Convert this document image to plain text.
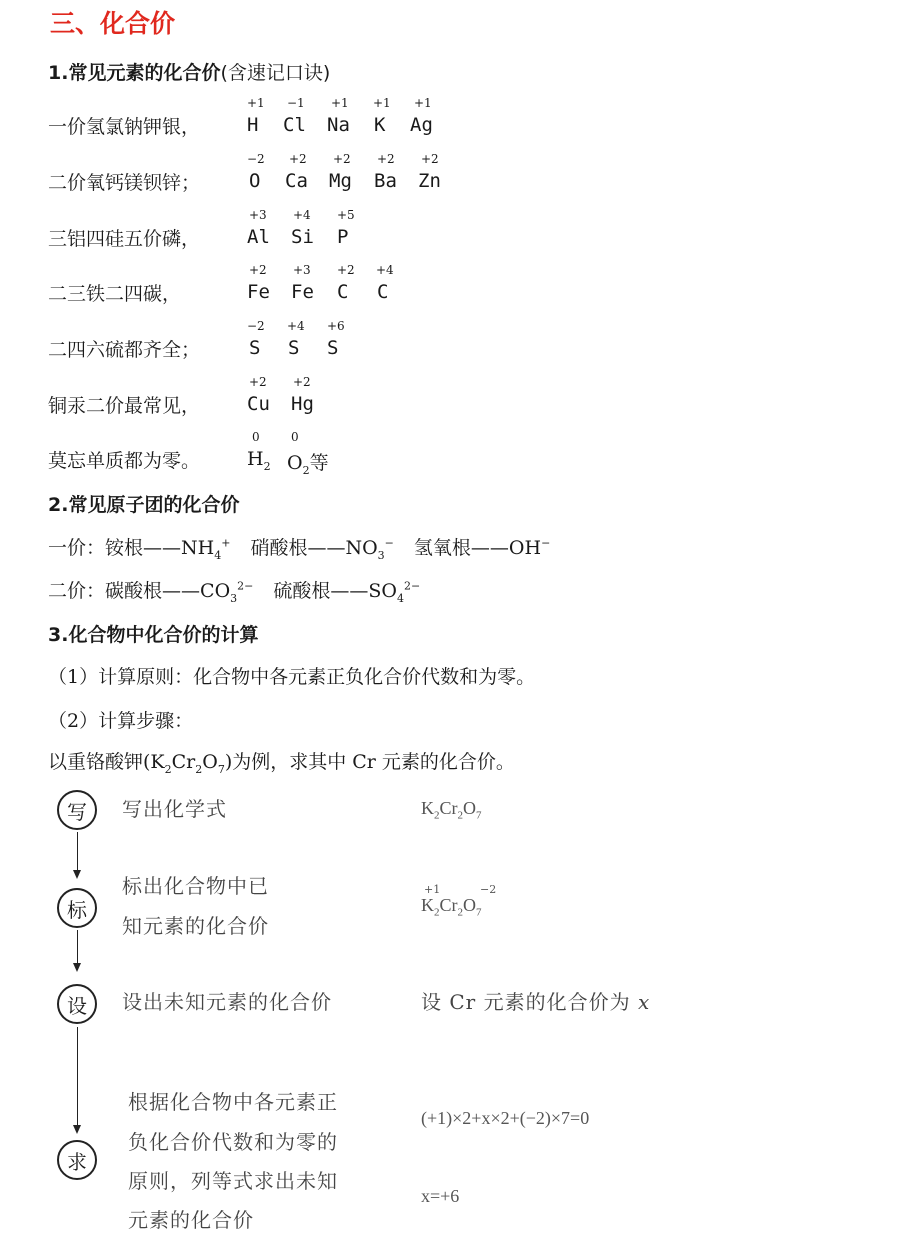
三、化合价
1.常见元素的化合价(含速记口诀)
一价氢氯钠钾银，
二价氧钙镁钡锌；
三铝四硅五价磷，
二三铁二四碳，
二四六硫都齐全；
铜汞二价最常见，
莫忘单质都为零。
+1
H
−1
Cl
+1
Na
+1
K
+1
Ag
−2
O
+2
Ca
+2
Mg
+2
Ba
+2
Zn
+3
Al
+4
Si
+5
P
+2
Fe
+3
Fe
+2
C
+4
C
−2
S
+4
S
+6
S
+2
Cu
+2
Hg
0
$H_2$
0
$O_2$等
2.常见原子团的化合价
一价：铵根$——NH_4^+$ 硝酸根$——NO_3^-$ 氢氧根——OH−
二价：碳酸根$——CO_3^{2-}$ 硫酸根$——SO_4^{2-}$
3.化合物中化合价的计算
（1）计算原则：化合物中各元素正负化合价代数和为零。
（2）计算步骤：
以重铬酸钾$(K_2Cr_2O_7)$为例，求其中 Cr 元素的化合价。
写
标
设
求
写出化学式
标出化合物中已
知元素的化合价
设出未知元素的化合价
根据化合物中各元素正
负化合价代数和为零的
原则，列等式求出未知
元素的化合价
$K_2Cr_2O_7$
+1	−2
$K_2Cr_2O_7$
设 Cr 元素的化合价为 x
(+1)×2+x×2+(−2)×7=0
x=+6
